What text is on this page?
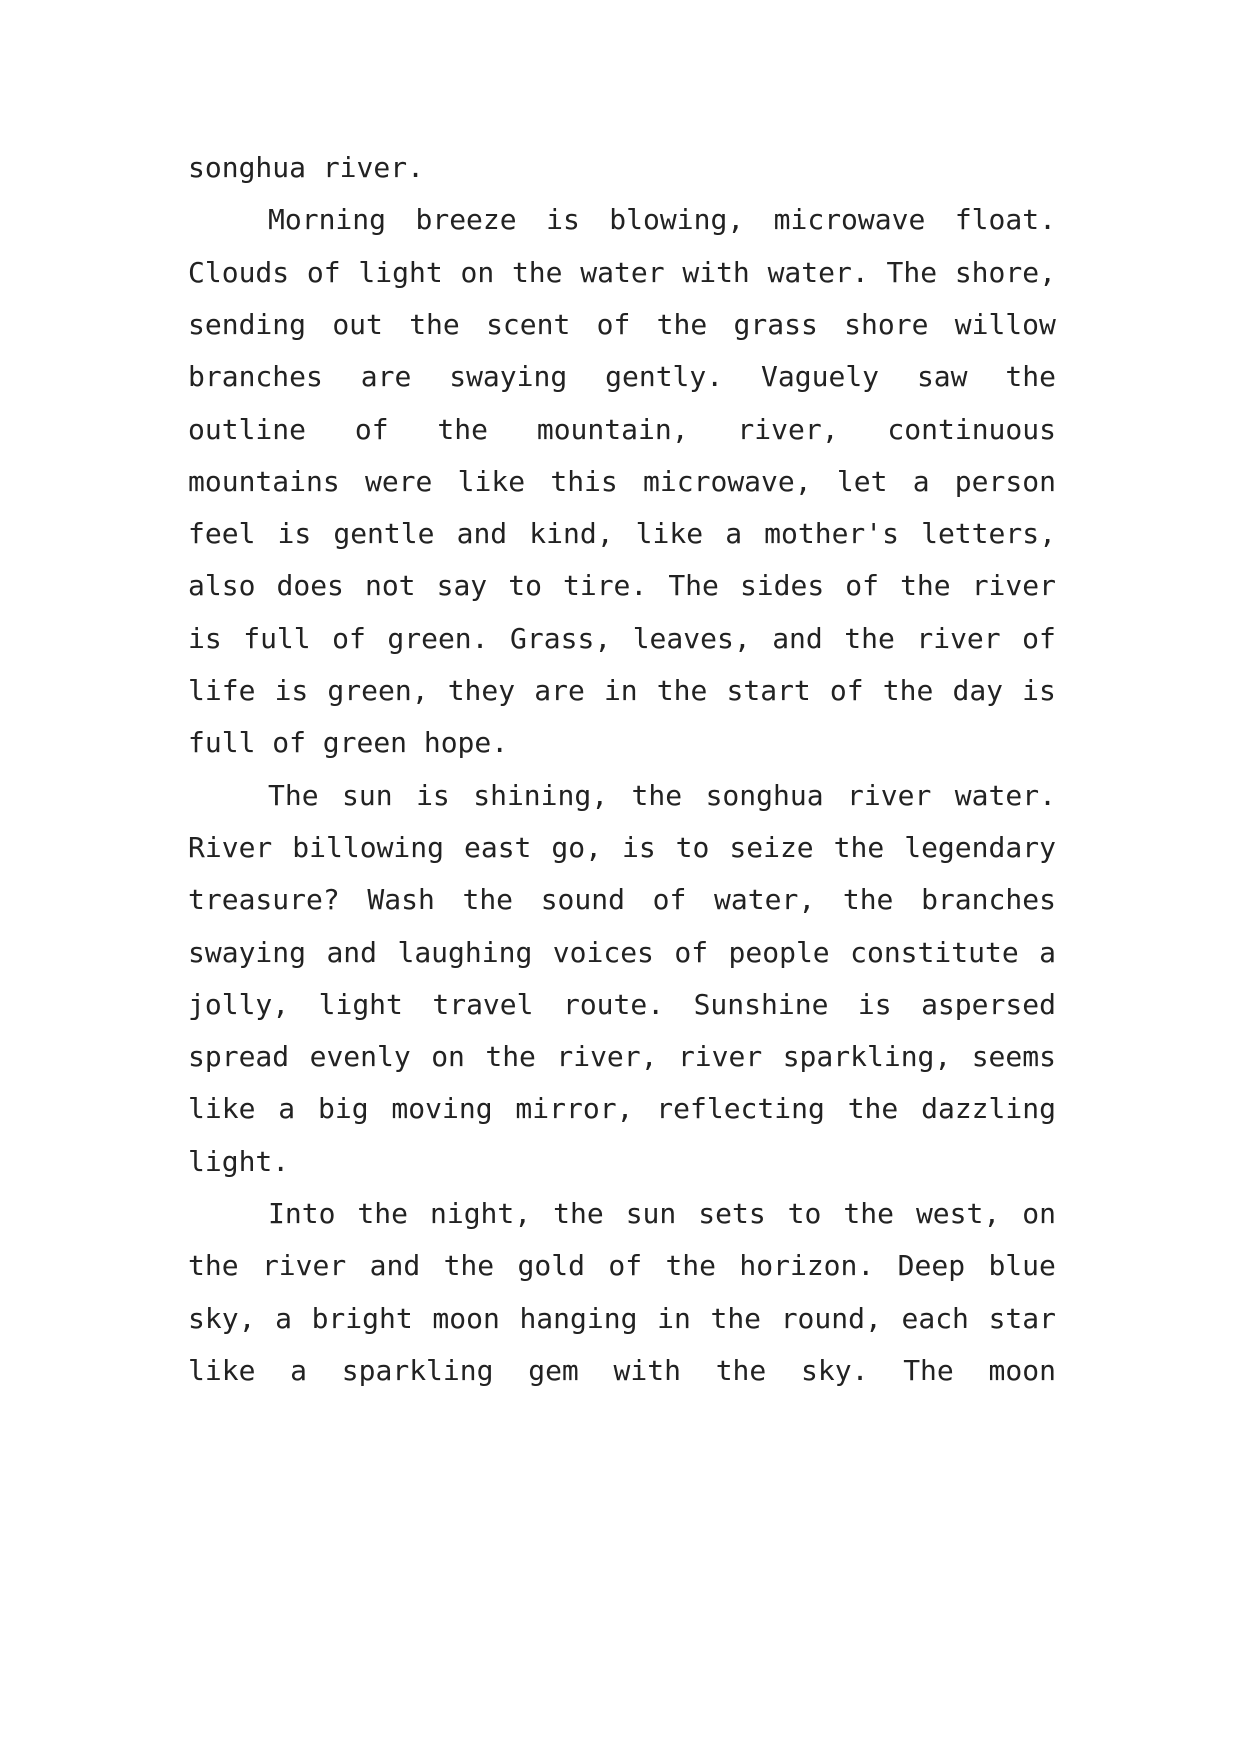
songhua river.
Morning breeze is blowing, microwave float.
Clouds of light on the water with water. The shore,
sending out the scent of the grass shore willow
branches are swaying gently. Vaguely saw the
outline of the mountain, river, continuous
mountains were like this microwave, let a person
feel is gentle and kind, like a mother's letters,
also does not say to tire. The sides of the river
is full of green. Grass, leaves, and the river of
life is green, they are in the start of the day is
full of green hope.
The sun is shining, the songhua river water.
River billowing east go, is to seize the legendary
treasure? Wash the sound of water, the branches
swaying and laughing voices of people constitute a
jolly, light travel route. Sunshine is aspersed
spread evenly on the river, river sparkling, seems
like a big moving mirror, reflecting the dazzling
light.
Into the night, the sun sets to the west, on
the river and the gold of the horizon. Deep blue
sky, a bright moon hanging in the round, each star
like a sparkling gem with the sky. The moon
